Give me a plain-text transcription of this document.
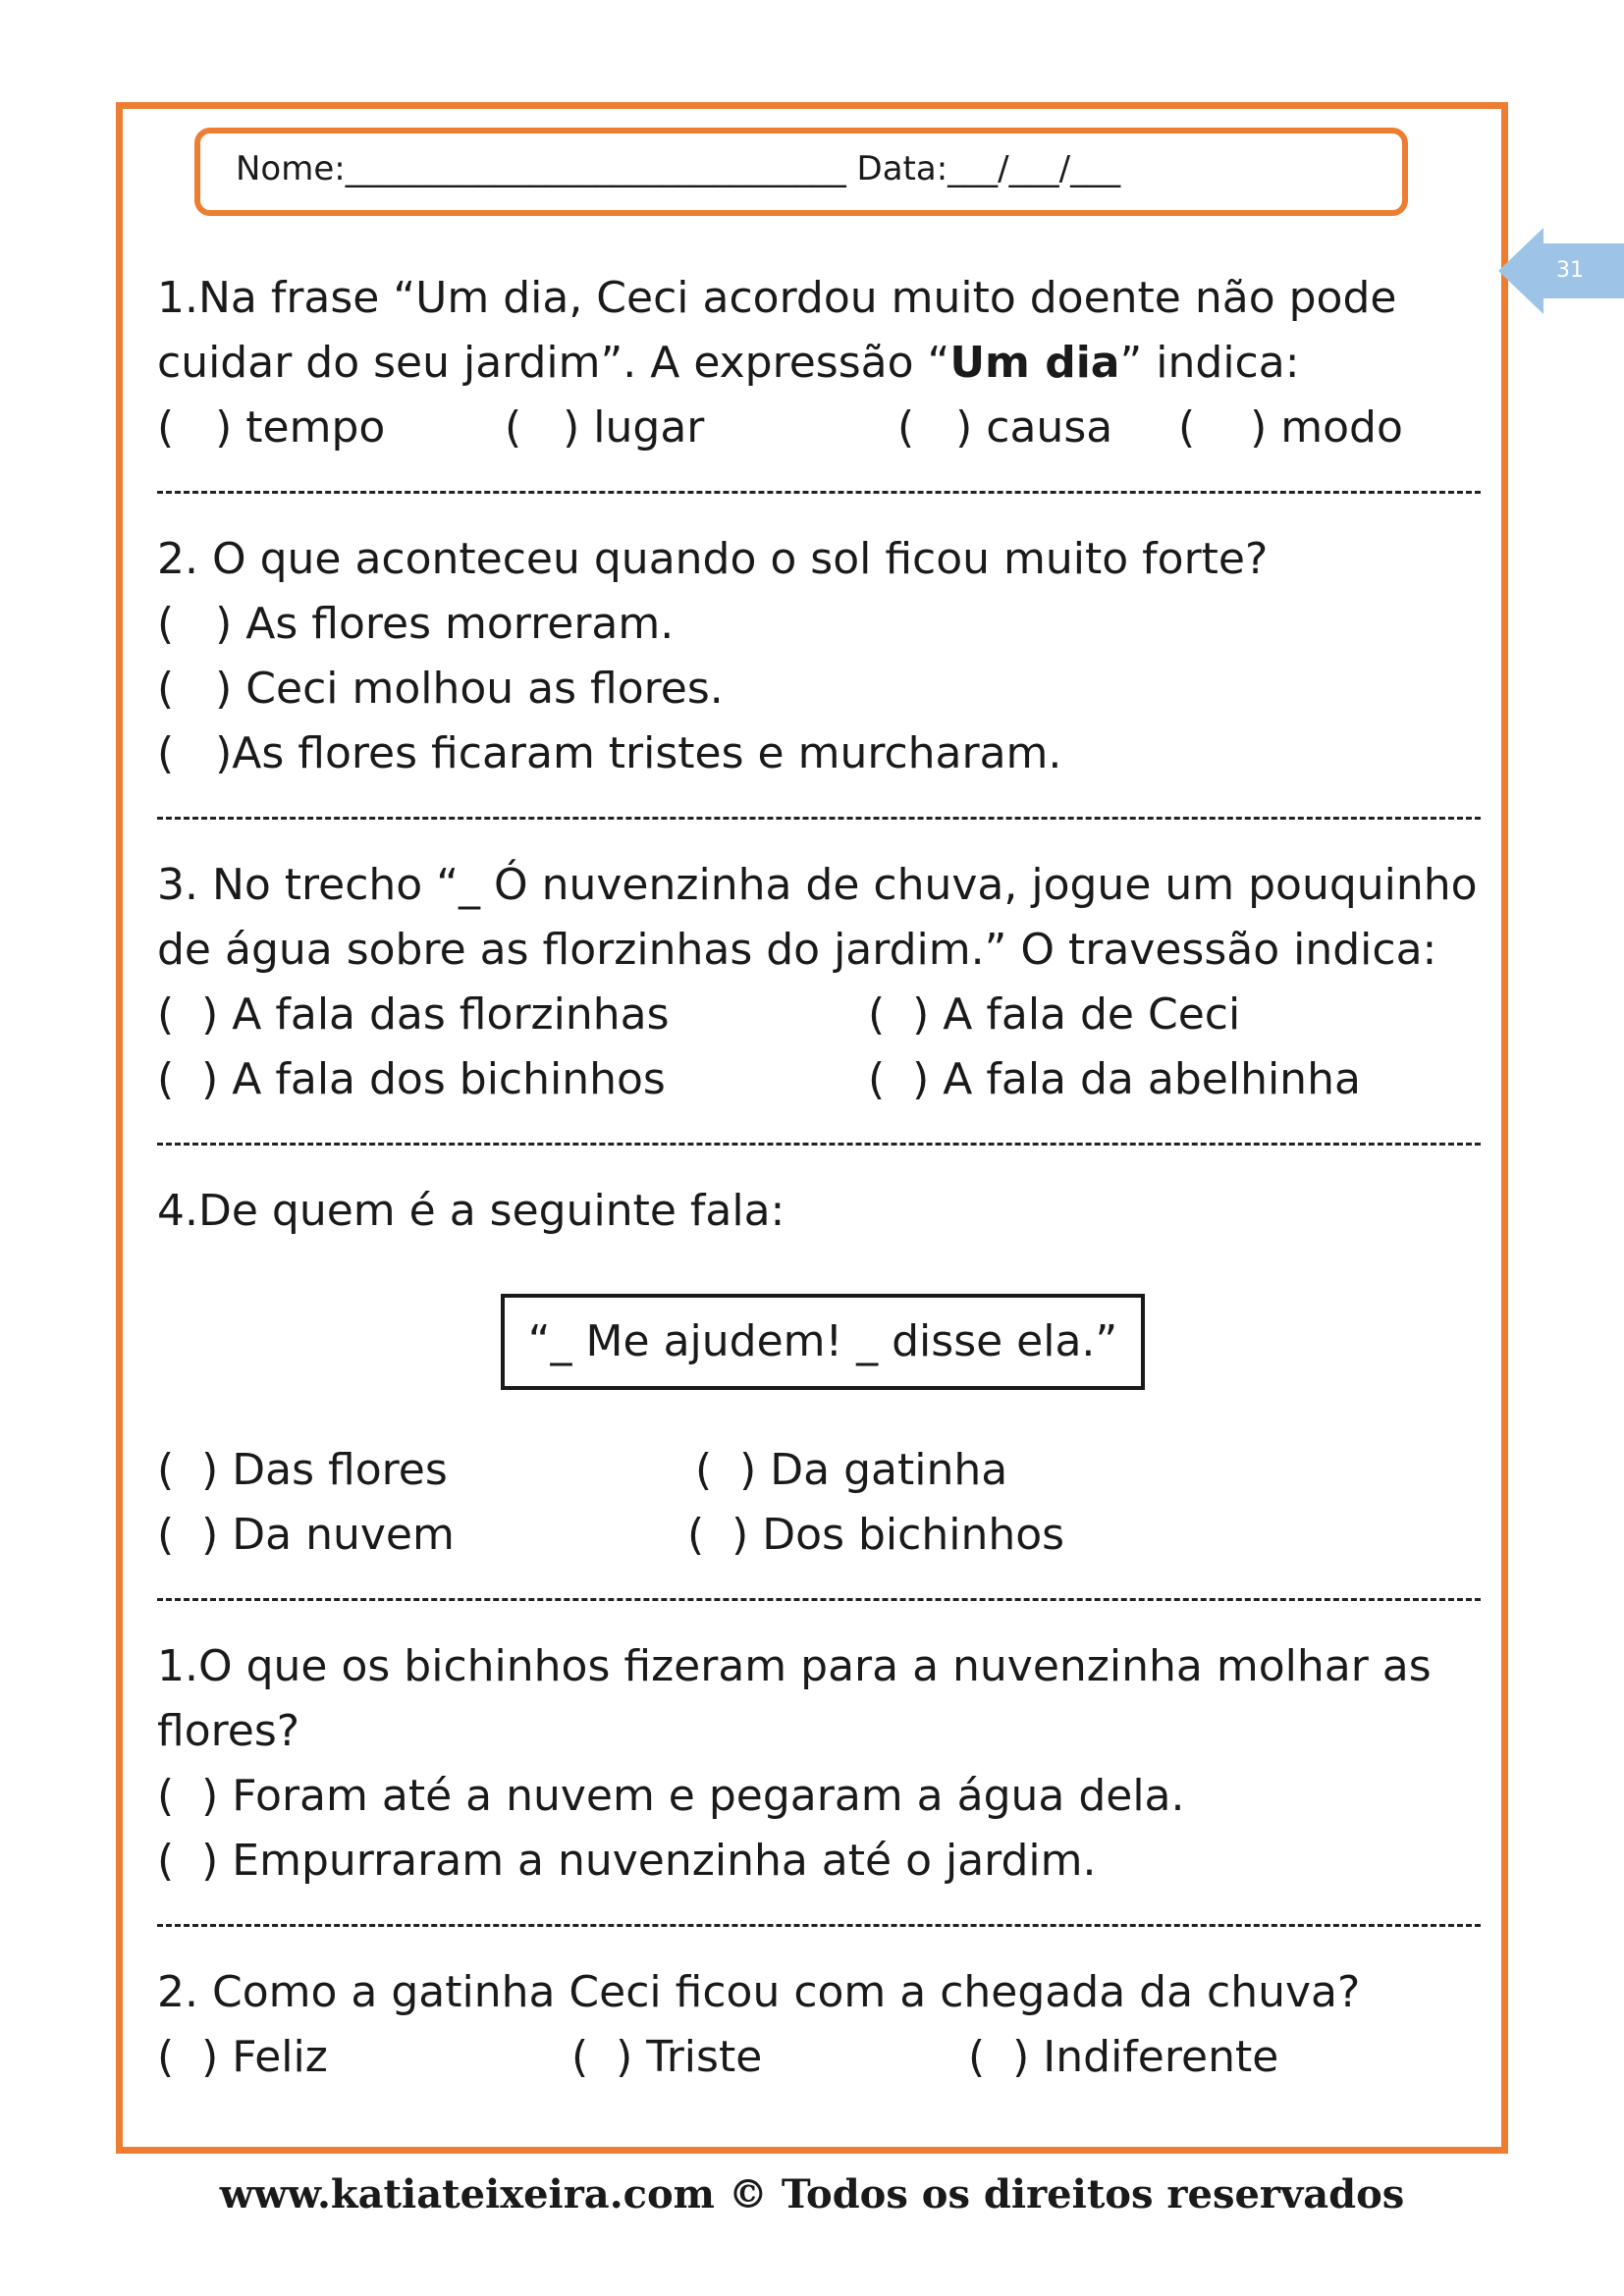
Nome:______________________________ Data:___/___/___
31
1.Na frase “Um dia, Ceci acordou muito doente não pode
cuidar do seu jardim”. A expressão “Um dia” indica:
(   ) tempo	(   ) lugar	(   ) causa (    ) modo
2. O que aconteceu quando o sol ficou muito forte?
(   ) As flores morreram.
(   ) Ceci molhou as flores.
(   )As flores ficaram tristes e murcharam.
3. No trecho “_ Ó nuvenzinha de chuva, jogue um pouquinho
de água sobre as florzinhas do jardim.” O travessão indica:
(  ) A fala das florzinhas	(  ) A fala de Ceci
(  ) A fala dos bichinhos	(  ) A fala da abelhinha
4.De quem é a seguinte fala:
“_ Me ajudem! _ disse ela.”
(  ) Das flores	(  ) Da gatinha
(  ) Da nuvem	(  ) Dos bichinhos
1.O que os bichinhos fizeram para a nuvenzinha molhar as
flores?
(  ) Foram até a nuvem e pegaram a água dela.
(  ) Empurraram a nuvenzinha até o jardim.
2. Como a gatinha Ceci ficou com a chegada da chuva?
(  ) Feliz	(  ) Triste	(  ) Indiferente
www.katiateixeira.com © Todos os direitos reservados
